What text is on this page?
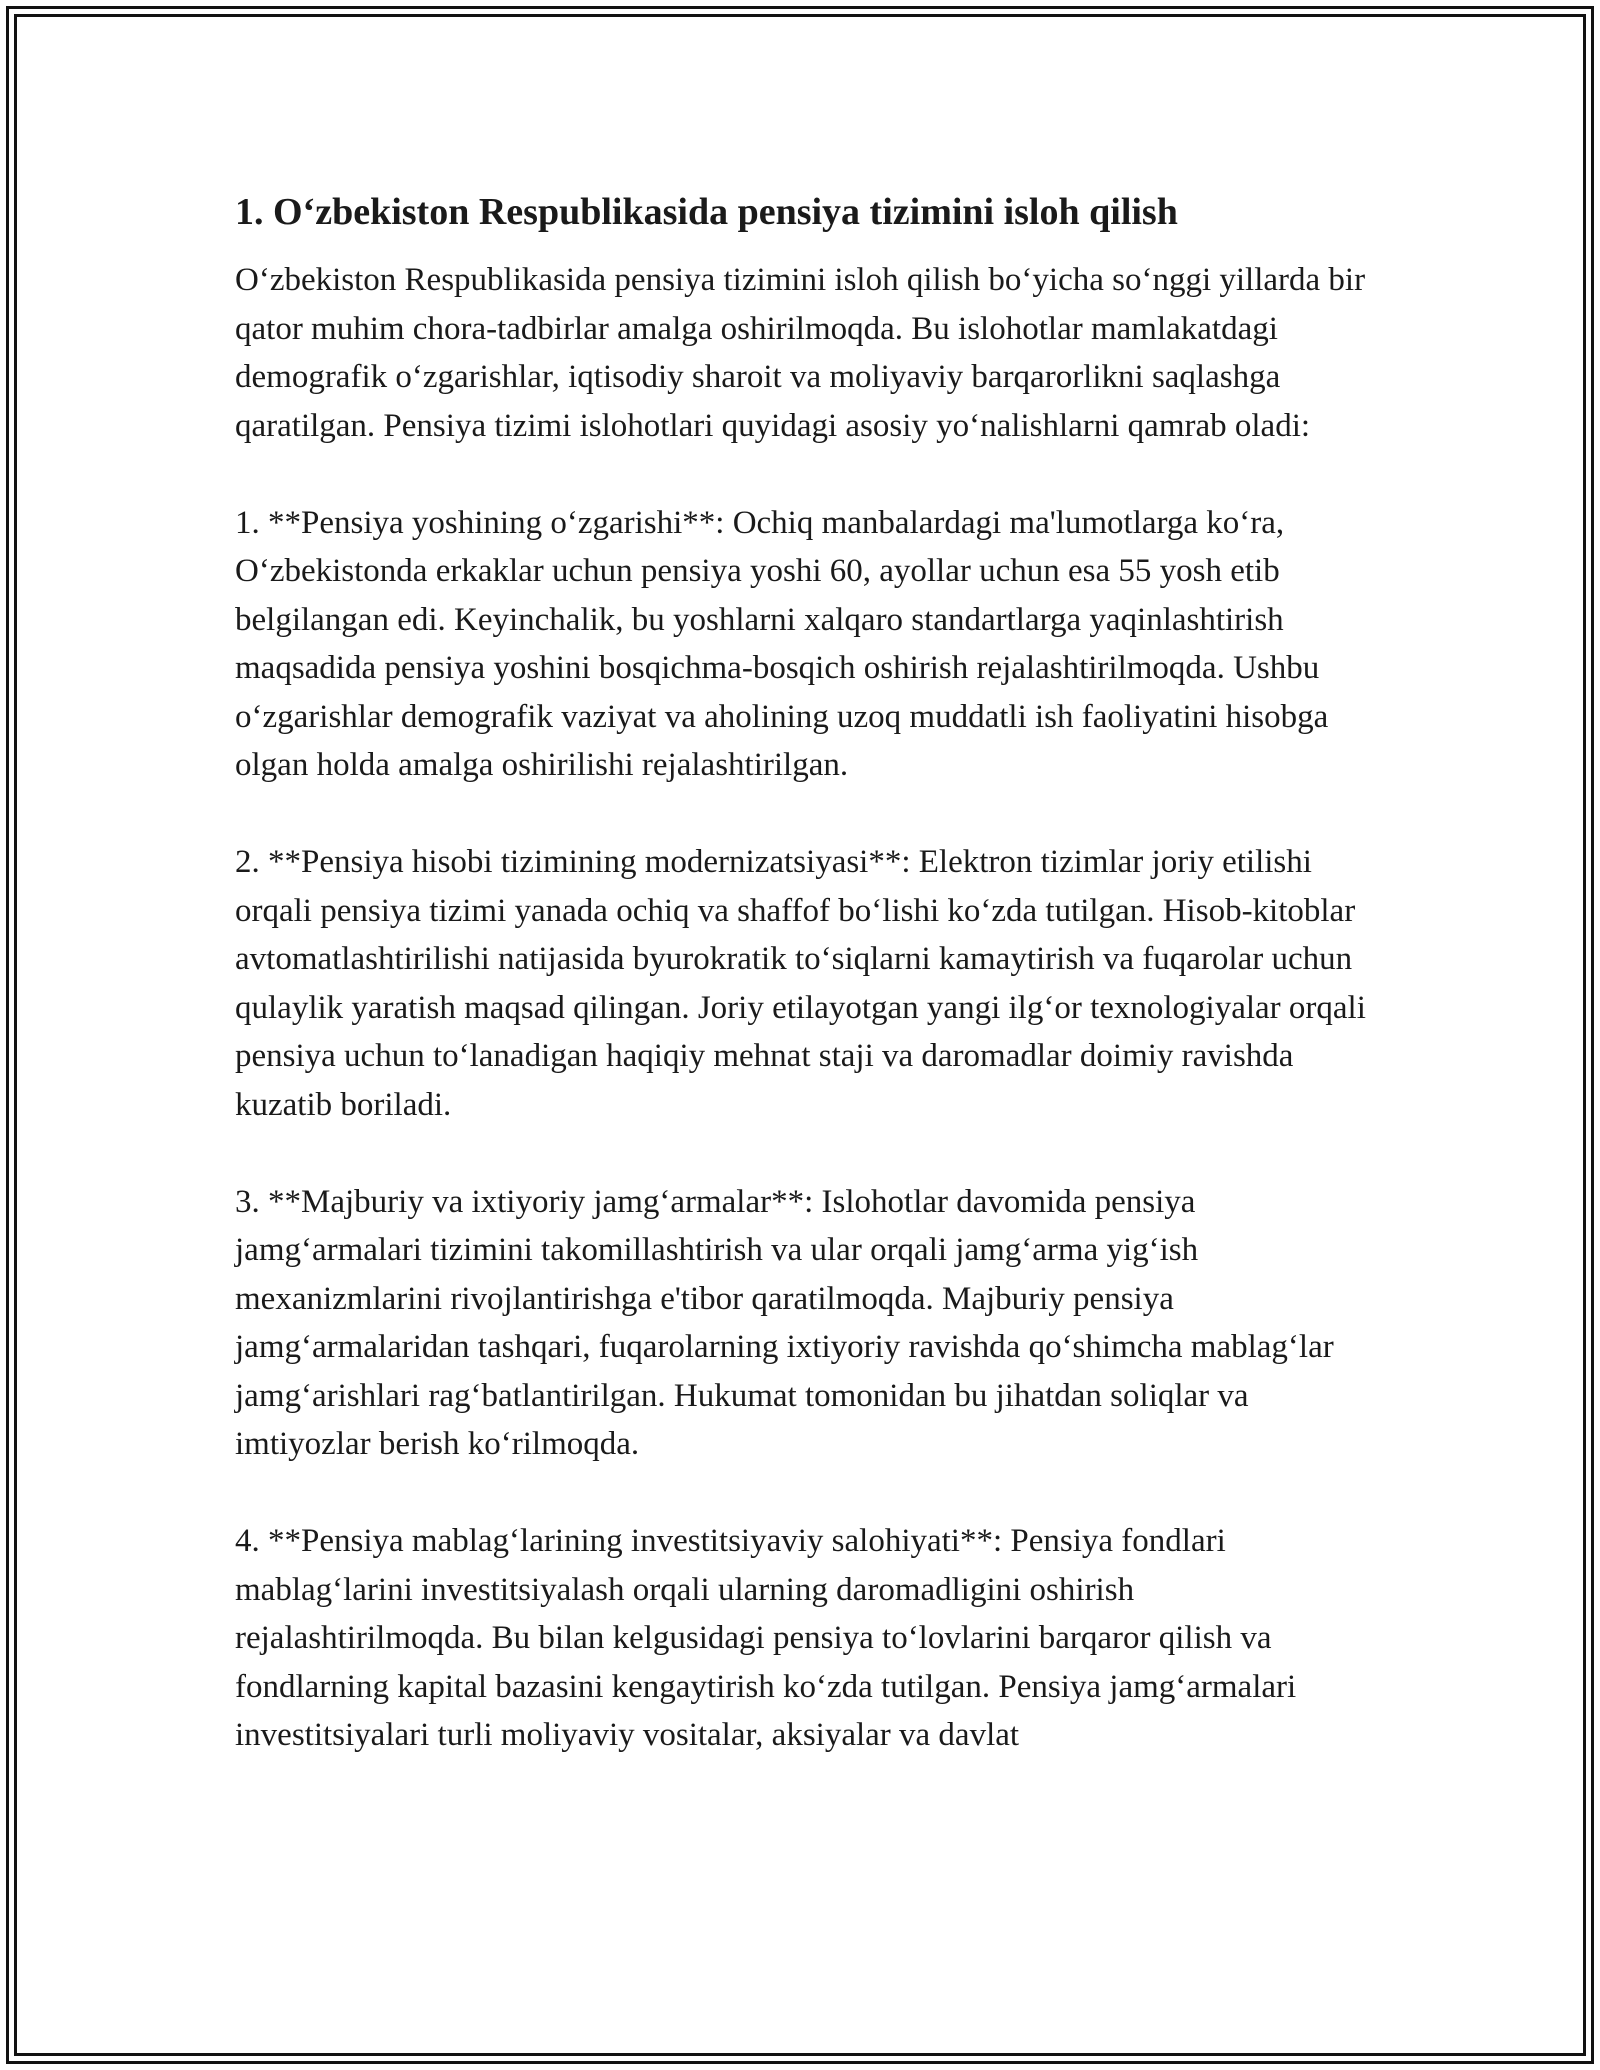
1. Oʻzbekiston Respublikasida pensiya tizimini isloh qilish

Oʻzbekiston Respublikasida pensiya tizimini isloh qilish boʻyicha soʻnggi yillarda bir qator muhim chora-tadbirlar amalga oshirilmoqda. Bu islohotlar mamlakatdagi demografik oʻzgarishlar, iqtisodiy sharoit va moliyaviy barqarorlikni saqlashga qaratilgan. Pensiya tizimi islohotlari quyidagi asosiy yoʻnalishlarni qamrab oladi:

1. **Pensiya yoshining oʻzgarishi**: Ochiq manbalardagi ma'lumotlarga koʻra, Oʻzbekistonda erkaklar uchun pensiya yoshi 60, ayollar uchun esa 55 yosh etib belgilangan edi. Keyinchalik, bu yoshlarni xalqaro standartlarga yaqinlashtirish maqsadida pensiya yoshini bosqichma-bosqich oshirish rejalashtirilmoqda. Ushbu oʻzgarishlar demografik vaziyat va aholining uzoq muddatli ish faoliyatini hisobga olgan holda amalga oshirilishi rejalashtirilgan.

2. **Pensiya hisobi tizimining modernizatsiyasi**: Elektron tizimlar joriy etilishi orqali pensiya tizimi yanada ochiq va shaffof boʻlishi koʻzda tutilgan. Hisob-kitoblar avtomatlashtirilishi natijasida byurokratik toʻsiqlarni kamaytirish va fuqarolar uchun qulaylik yaratish maqsad qilingan. Joriy etilayotgan yangi ilgʻor texnologiyalar orqali pensiya uchun toʻlanadigan haqiqiy mehnat staji va daromadlar doimiy ravishda kuzatib boriladi.

3. **Majburiy va ixtiyoriy jamgʻarmalar**: Islohotlar davomida pensiya jamgʻarmalari tizimini takomillashtirish va ular orqali jamgʻarma yigʻish mexanizmlarini rivojlantirishga e'tibor qaratilmoqda. Majburiy pensiya jamgʻarmalaridan tashqari, fuqarolarning ixtiyoriy ravishda qoʻshimcha mablagʻlar jamgʻarishlari ragʻbatlantirilgan. Hukumat tomonidan bu jihatdan soliqlar va imtiyozlar berish koʻrilmoqda.

4. **Pensiya mablagʻlarining investitsiyaviy salohiyati**: Pensiya fondlari mablagʻlarini investitsiyalash orqali ularning daromadligini oshirish rejalashtirilmoqda. Bu bilan kelgusidagi pensiya toʻlovlarini barqaror qilish va fondlarning kapital bazasini kengaytirish koʻzda tutilgan. Pensiya jamgʻarmalari investitsiyalari turli moliyaviy vositalar, aksiyalar va davlat
